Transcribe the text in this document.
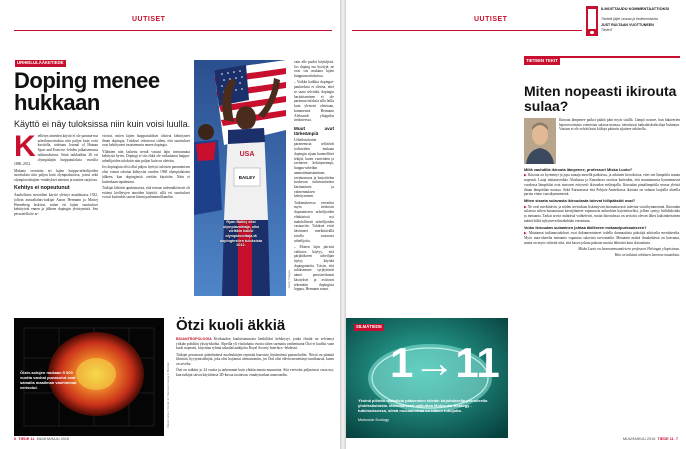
UUTISET
URHEILULÄÄKETIEDE
Doping menee hukkaan
Käyttö ei näy tuloksissa niin kuin voisi luulla.

Kielletyn aineiden käyttö ei ole paranta-nut urheilusuorituksia niin paljon kuin voisi kuvitella, todetaan Journal of Human Sport and Exercise -lehden julkaisemassa tutkimuksessa. Siinä tarkkailtiin 26 eri olympialajin huipputuloksia vuosilta 1886–2012.

Mukana verrattiin eri lajien huippu-urheilijoiden suorituksia niin paljon kuin olympialaisissa, joissa sekä olympiavoittajien -ennätykset miesten ja naisten sarjoissa.

Kehitys ei nopeutunut

Anabolisten steroidien käyttö yleistyi maailmassa 1932, jolloin australialais-tutkijat Aaron Hermann ja Maciej Henneberg laskivat, miten eri lajien suoritukset kehittyivät ennen ja jälkeen dopingin yleistymistä. Sen perusteella he ar-

vioivat, miten lajien huipputulokset olisivat kehittyneet ilman dopingia. Tulokset viittasivat siihen, että suoritukset ovat kehittyneet tasaisemmin ennen dopingia.

Yllättäen niin laskettu trendi vastasi lajin toteutunutta kehitystä hyvin. Dopingi ei siis ehkä ole vaikuttanut huippu-urheilijoiden tuloksiin niin paljon kuin on oletettu.

Jos dopingista olisi ollut paljon hyötyä, tulosten paranemisen olisi voinut odottaa kiihtyvän vuoden 1968 olympialaisten jälkeen, kun dopingtestit otettiin käyttöön. Näin ei kuitenkaan tapahtunut.

Tutkijat lähtivät apukeinoista, että testaus todennäköisesti oli estänyt kielletyjen aineiden käyttöä, sillä eri suoritukset voivat kuitenkin saavat kiinni parhaimmillaanhin.

USA
BAILEY
Ryan Bailey olisi olympiavoittaja, olisi vieläkin kaikki olympiavoittaja-tä dopingtestien tuloksista 2012.
Getty Images

vain alle puolet käyttäjistä. Jos doping tuo hyötyjä, ne ovat siis mukana lajien huippusuorituksissa.

– Voikka kaikkia dopingai-paukseksia ei oleteta, ettei se saata selvittää, dopingin harjoittaminen ei ole parannut tuloksia sillä lailla kuin yleisesti oletetaan, kommentoi Hermann Aleksandr ylioppilas tiedotteessa.

Muut avut tärkeämpiä

Urheilutulosten paranemista selittävät todisteiden mukaan dopingin sijaan luonnolliset tekijät, kuten vuotetulen ja ravinteen kehittyneempi, huippu-urheilun ammattimaistuminen, ravintomuoa ja harjoittelua koskevan tutkimustiedon karttuminen ja valmennuksen kehittyminen.

Tutkimuksessa verrattiin myös tiedotssti dopaamiseen urheilijoiden elinkäsissä nyt mahdollisesti urheilijoiden vastaaviin. Tulokset eivät hävinneet merkittävällä tavalla vastaavia urheilijoita.

– Monen lajin piirissä valittava käytyy, että pärjätäkseen urheilijan täytyy käyttää dopingaineita. Toisin, että tuloksemme syrjäyttävät nämä perusteettomat käsitykset ja avittavat tekemään dopingista loppua, Hermann sanoo.

Ötzin-solujen mukaan 5 000 vuotta vanhat punasolut ovat samalla maailman vanhimmat verisolut.	Marek Janko / Center for Nanotechnology in Münster
Ötzi kuoli äkkiä

BIOANTROPOLOGIA Kivikauden kuuluisimmasta henkilöksi kehkeytyi, jonka elinitä on selvinnyt ytikiän pohdittu yksityiskohta. Alpeilla yli viisituhatta vuotta sitten surmattu vanhentunut Ötzi ei kuollut vaan kuoli nopeasti, kirjoittaa ryhmä saksalaistutkijoita Royal Society Interface -lehdessä.

Tutkijat perustavat päätelmänsä nuolenkärjen repimää haavasta löytämiinsä punasoluihin. Niissä on päämiä fibriiniä, hyytymistekijää, joka olisi hajonnut olemattomiin, jos Ötzi olisi eläviä menettänyt tuntikausia, kuten on arveltu.

Ötzi on tutkittu jo 24 vuotta ja tarkemmin kuin yhtään muuta muumiota. Sitä verisolut paljastavat vasta nyt, kun tutkijat saivat käyttöönsä 3D-kuvaa tuottavan, ennätystarkan nanosondin.

6 TIEDE 11 MUUHAIKUU 2015
UUTISET
ILMOITTAUDU KOMMENTAATTIOKSI
Tiedetä jäljet seuraa ja tiedetoimistota
JUST RULTAAN VUOTTUNEEN
Tiede.fi
SILMÄTIEDE
1→11
Yksinä piilottu mahdista pääsemien silmän kirjoituksella perusteella yhdeksästoista. Mahdollisesti vaikuttaa Molecular Ecology -tutkimuksessa, silmä mukaanottaa on hänen tutkijoita.
Molecular Ecology
TIETEEN TEKIT
Miten nopeasti ikirouta sulaa?
Ikirouta lämpenee paikoi päätiä päin myös sisällä. Lämpö nousee, hun bakteerien hajotusvoimista voimistuu sulassa maassa, toteuttavat tankalaiskseksiluja lisääntyn. Vastaus ei ole selvää kuin kiiltoja pääosin sijaitsee arktisella.
Millä vauhdilla ikirouta lämpenee, professori Miska Luoto?

▶ Ikirouta on kyrmenyt ja jopa sataaja merellä paikoissa, ja arktinen kerroksissa, ettei sen lämpötila muuta nopeasti. Laaja mittausverkko Alaskassa ja Kanadassa osoittaa kuitenkin, että muuttamassa kymmenessä vuodessa lämpötilat ovat nousseet eritysesti ikiroudan etelärajalla. Ikiroudan pintalämpötila seuraa yleistä ilman lämpötilan nousua. Sekä Euraasiassa että Pohjois-Amerikassa ikirouta on sulanut laajoilla alueilla parina viime vuosikymmenenä.

Miten sisarta sulavasta ikiroudasta tulevat hiilipäästöt ovat?

▶ Ne ovat merkittäviä, ja niiden arvioidaan lisääntyvän huomattavasti tulevina vuosikymmeninä. Ikiroudan sulaessa siihen hautautunut kasvijäänteet vapautuvat mikrobien hajoitettaviksi, jolloin syntyy hiilidioksidia ja metaania. Tarkat arviot määrästä vaihtelevat, mutta ikiroudassa on arvioitu olevan lähes kaksinkertainen määrä hiiltä nykyiseen ilmakehään verrattuna.

Voiko ikiroudan sulaminen johtaa äkilliseen metaanipurkaukseen?

▶ Muutamat tutkimustulokset ovat dokumentoineet todella dramaattisia päästöjä arktiselta merialueelta. Myös maa-alueelta metaania vapautuu sulavista turvemailta. Metaanin määrä ilmakehässä on kasvanut, mutta on myös viitteitä siitä, että kasvu johtuu pääosin muista lähteistä kuin ikiroudasta.

Miska Luoto on luonnonmaantieteen professori Helsingin yliopistossa.

Hän on tutkinut arktisten luonnon muutoksia.

MUUHAIKUU 2015 TIEDE 11 7
